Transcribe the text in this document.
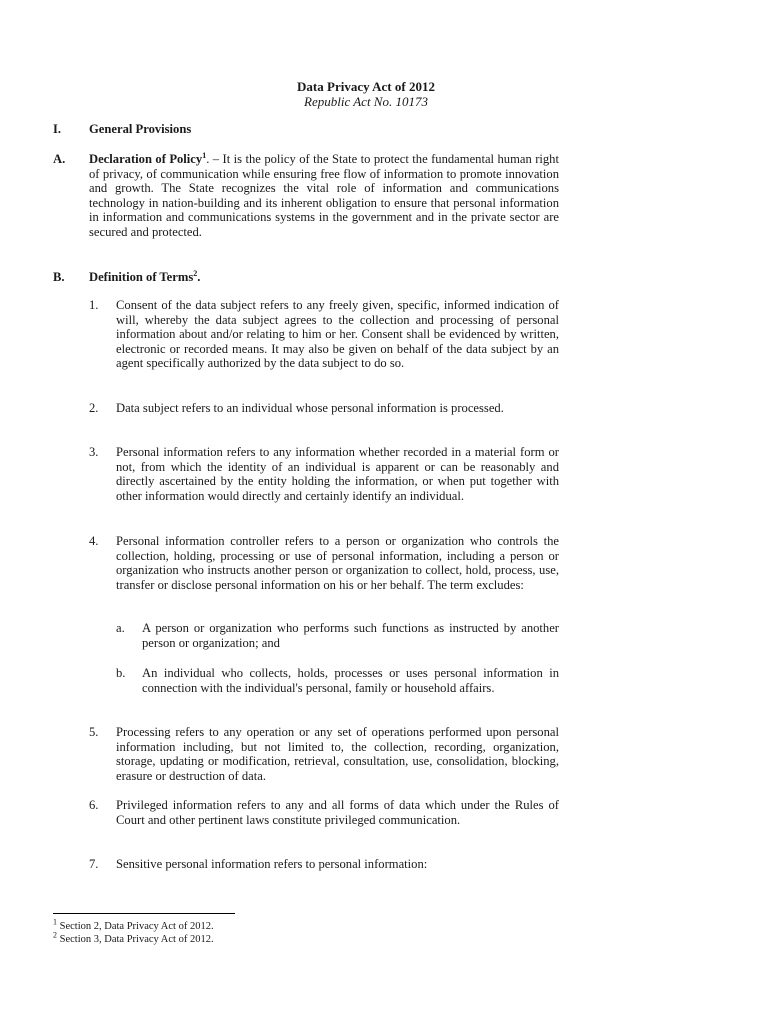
Data Privacy Act of 2012
Republic Act No. 10173
I. General Provisions
A. Declaration of Policy$^1$. – It is the policy of the State to protect the fundamental human right of privacy, of communication while ensuring free flow of information to promote innovation and growth. The State recognizes the vital role of information and communications technology in nation-building and its inherent obligation to ensure that personal information in information and communications systems in the government and in the private sector are secured and protected.
B. Definition of Terms$^2$.
1. Consent of the data subject refers to any freely given, specific, informed indication of will, whereby the data subject agrees to the collection and processing of personal information about and/or relating to him or her. Consent shall be evidenced by written, electronic or recorded means. It may also be given on behalf of the data subject by an agent specifically authorized by the data subject to do so.
2. Data subject refers to an individual whose personal information is processed.
3. Personal information refers to any information whether recorded in a material form or not, from which the identity of an individual is apparent or can be reasonably and directly ascertained by the entity holding the information, or when put together with other information would directly and certainly identify an individual.
4. Personal information controller refers to a person or organization who controls the collection, holding, processing or use of personal information, including a person or organization who instructs another person or organization to collect, hold, process, use, transfer or disclose personal information on his or her behalf. The term excludes:
a. A person or organization who performs such functions as instructed by another person or organization; and
b. An individual who collects, holds, processes or uses personal information in connection with the individual's personal, family or household affairs.
5. Processing refers to any operation or any set of operations performed upon personal information including, but not limited to, the collection, recording, organization, storage, updating or modification, retrieval, consultation, use, consolidation, blocking, erasure or destruction of data.
6. Privileged information refers to any and all forms of data which under the Rules of Court and other pertinent laws constitute privileged communication.
7. Sensitive personal information refers to personal information:
$^1$ Section 2, Data Privacy Act of 2012.
$^2$ Section 3, Data Privacy Act of 2012.
